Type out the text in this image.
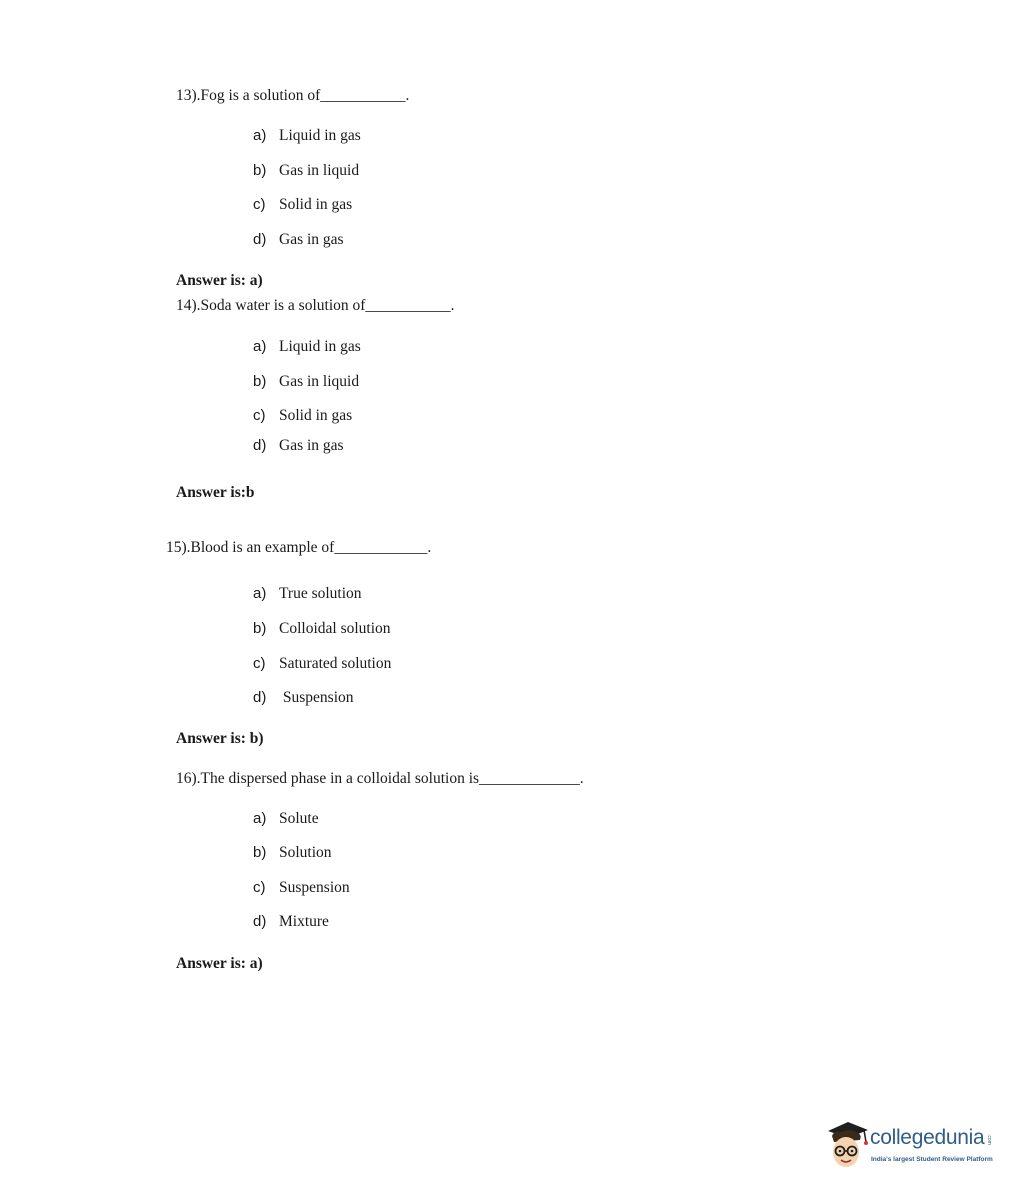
13).Fog is a solution of___________.
a) Liquid in gas
b) Gas in liquid
c) Solid in gas
d) Gas in gas
Answer is: a)
14).Soda water is a solution of___________.
a) Liquid in gas
b) Gas in liquid
c) Solid in gas
d) Gas in gas
Answer is:b
15).Blood is an example of____________.
a) True solution
b) Colloidal solution
c) Saturated solution
d) Suspension
Answer is: b)
16).The dispersed phase in a colloidal solution is_____________.
a) Solute
b) Solution
c) Suspension
d) Mixture
Answer is: a)
collegedunia .com
India's largest Student Review Platform
